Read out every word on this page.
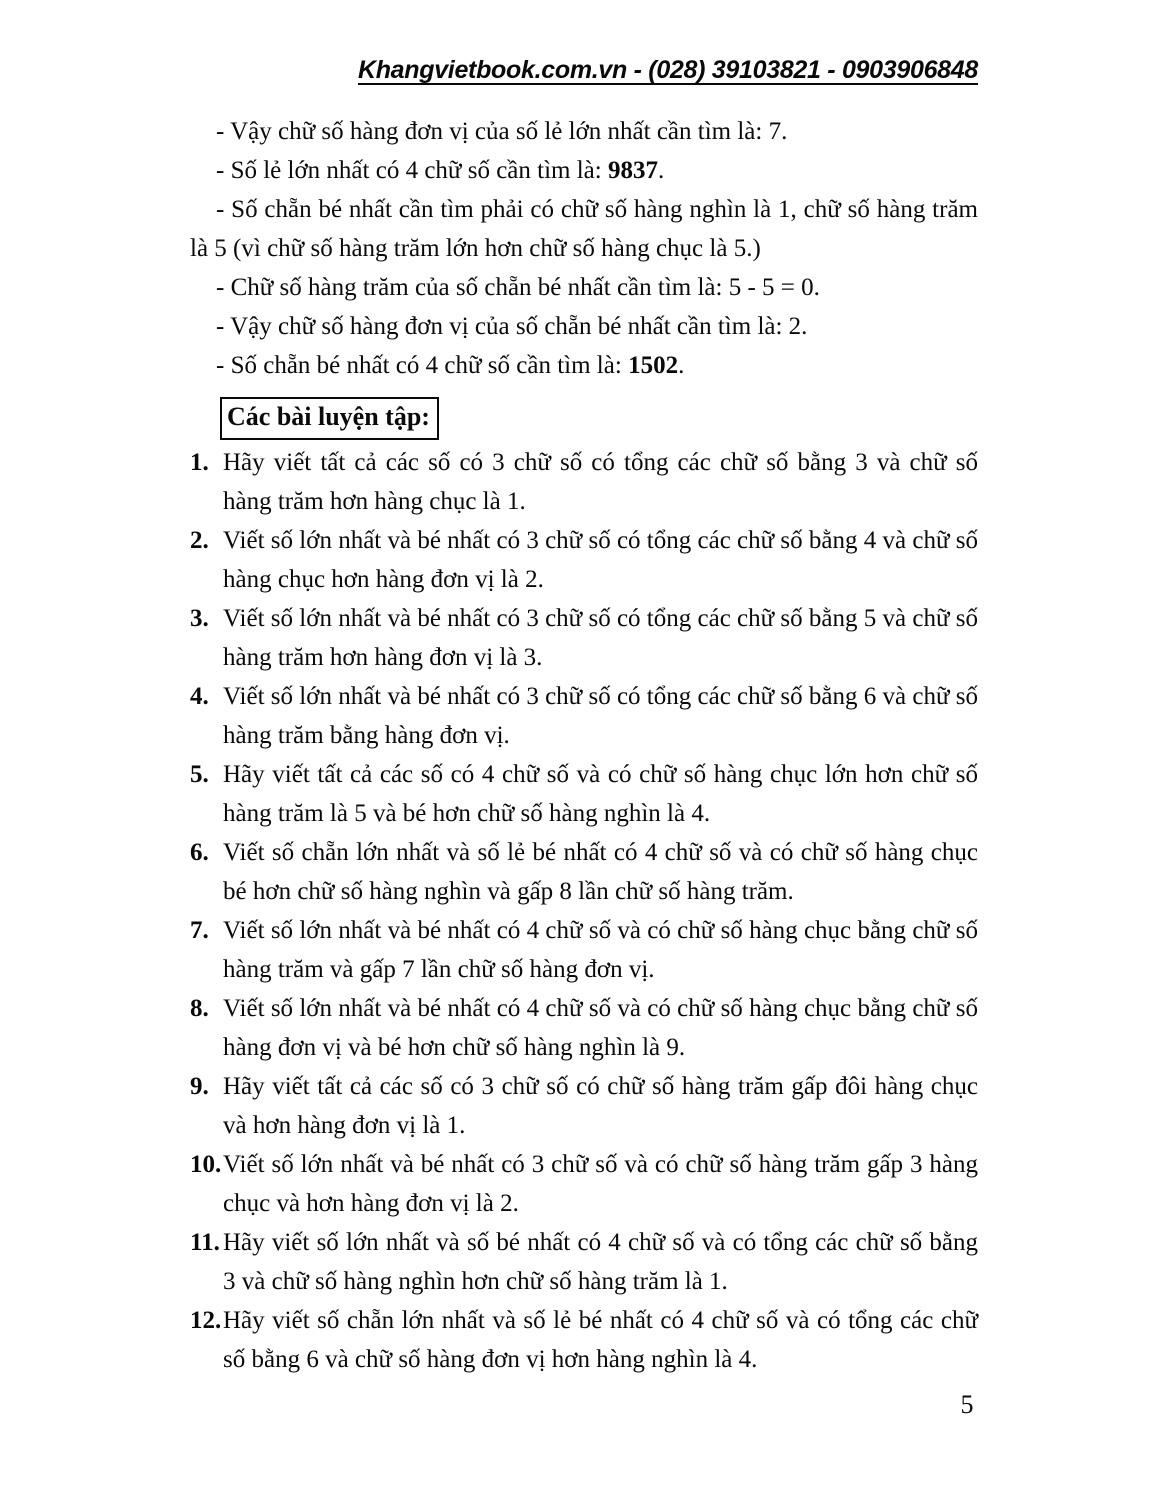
Khangvietbook.com.vn - (028) 39103821 - 0903906848

- Vậy chữ số hàng đơn vị của số lẻ lớn nhất cần tìm là: 7.

- Số lẻ lớn nhất có 4 chữ số cần tìm là: 9837.

- Số chẵn bé nhất cần tìm phải có chữ số hàng nghìn là 1, chữ số hàng trăm là 5 (vì chữ số hàng trăm lớn hơn chữ số hàng chục là 5.)

- Chữ số hàng trăm của số chẵn bé nhất cần tìm là: 5 - 5 = 0.

- Vậy chữ số hàng đơn vị của số chẵn bé nhất cần tìm là: 2.

- Số chẵn bé nhất có 4 chữ số cần tìm là: 1502.

Các bài luyện tập:
1. Hãy viết tất cả các số có 3 chữ số có tổng các chữ số bằng 3 và chữ số hàng trăm hơn hàng chục là 1.
2. Viết số lớn nhất và bé nhất có 3 chữ số có tổng các chữ số bằng 4 và chữ số hàng chục hơn hàng đơn vị là 2.
3. Viết số lớn nhất và bé nhất có 3 chữ số có tổng các chữ số bằng 5 và chữ số hàng trăm hơn hàng đơn vị là 3.
4. Viết số lớn nhất và bé nhất có 3 chữ số có tổng các chữ số bằng 6 và chữ số hàng trăm bằng hàng đơn vị.
5. Hãy viết tất cả các số có 4 chữ số và có chữ số hàng chục lớn hơn chữ số hàng trăm là 5 và bé hơn chữ số hàng nghìn là 4.
6. Viết số chẵn lớn nhất và số lẻ bé nhất có 4 chữ số và có chữ số hàng chục bé hơn chữ số hàng nghìn và gấp 8 lần chữ số hàng trăm.
7. Viết số lớn nhất và bé nhất có 4 chữ số và có chữ số hàng chục bằng chữ số hàng trăm và gấp 7 lần chữ số hàng đơn vị.
8. Viết số lớn nhất và bé nhất có 4 chữ số và có chữ số hàng chục bằng chữ số hàng đơn vị và bé hơn chữ số hàng nghìn là 9.
9. Hãy viết tất cả các số có 3 chữ số có chữ số hàng trăm gấp đôi hàng chục và hơn hàng đơn vị là 1.
10. Viết số lớn nhất và bé nhất có 3 chữ số và có chữ số hàng trăm gấp 3 hàng chục và hơn hàng đơn vị là 2.
11. Hãy viết số lớn nhất và số bé nhất có 4 chữ số và có tổng các chữ số bằng 3 và chữ số hàng nghìn hơn chữ số hàng trăm là 1.
12. Hãy viết số chẵn lớn nhất và số lẻ bé nhất có 4 chữ số và có tổng các chữ số bằng 6 và chữ số hàng đơn vị hơn hàng nghìn là 4.
5
